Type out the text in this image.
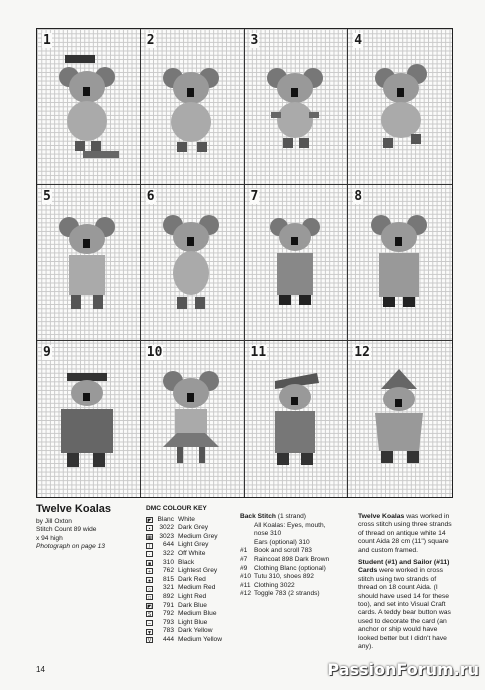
1	2	3	4
5	6	7	8
9	10	11	12
Twelve Koalas
by Jill Oxton
Stitch Count 89 wide
x 94 high
Photograph on page 13
DMC COLOUR KEY
◤ Blanc White
▪	3022 Dark Grey
▦	3023 Medium Grey
/	644 Light Grey
·	322 Off White
■	310 Black
+	762 Lightest Grey
●	815 Dark Red
○	321 Medium Red
□	892 Light Red
◩	791 Dark Blue
S	792 Medium Blue
–	793 Light Blue
▼	783 Dark Yellow
V	444 Medium Yellow
Back Stitch (1 strand)
All Koalas: Eyes, mouth,
nose 310
Ears (optional) 310
#1	Book and scroll 783
#7	Raincoat 898 Dark Brown
#9	Clothing Blanc (optional)
#10 Tutu 310, shoes 892
#11 Clothing 3022
#12 Toggle 783 (2 strands)

Twelve Koalas was worked in cross stitch using three strands of thread on antique white 14 count Aida 28 cm (11") square and custom framed.

Student (#1) and Sailor (#11) Cards were worked in cross stitch using two strands of thread on 18 count Aida. (I should have used 14 for these too), and set into Visual Craft cards. A teddy bear button was used to decorate the card (an anchor or ship would have looked better but I didn't have any).

14	PassionForum.ru
